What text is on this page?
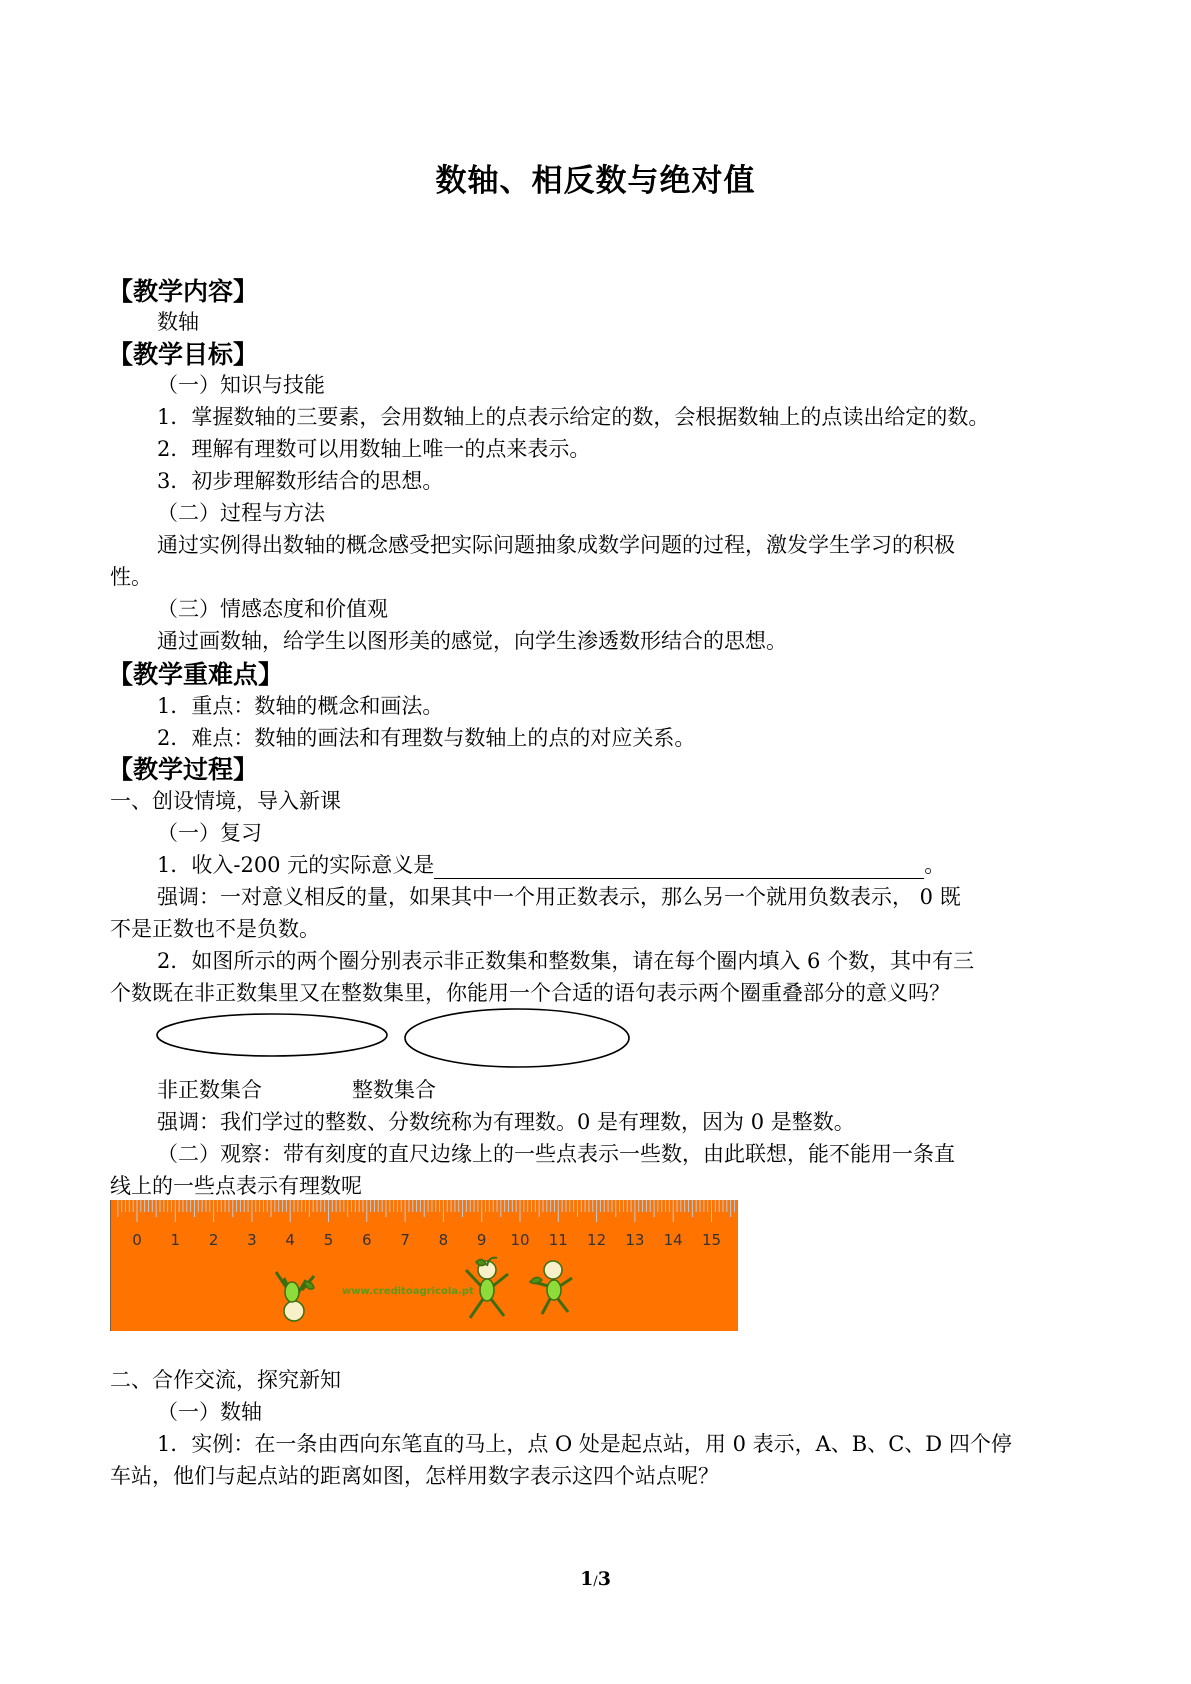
数轴、相反数与绝对值
【教学内容】
数轴
【教学目标】
（一）知识与技能
1．掌握数轴的三要素，会用数轴上的点表示给定的数，会根据数轴上的点读出给定的数。
2．理解有理数可以用数轴上唯一的点来表示。
3．初步理解数形结合的思想。
（二）过程与方法
通过实例得出数轴的概念感受把实际问题抽象成数学问题的过程，激发学生学习的积极
性。
（三）情感态度和价值观
通过画数轴，给学生以图形美的感觉，向学生渗透数形结合的思想。
【教学重难点】
1．重点：数轴的概念和画法。
2．难点：数轴的画法和有理数与数轴上的点的对应关系。
【教学过程】
一、创设情境，导入新课
（一）复习
1．收入-200 元的实际意义是	。
强调：一对意义相反的量，如果其中一个用正数表示，那么另一个就用负数表示， 0 既
不是正数也不是负数。
2．如图所示的两个圈分别表示非正数集和整数集，请在每个圈内填入 6 个数，其中有三
个数既在非正数集里又在整数集里，你能用一个合适的语句表示两个圈重叠部分的意义吗？
非正数集合	整数集合
强调：我们学过的整数、分数统称为有理数。0 是有理数，因为 0 是整数。
（二）观察：带有刻度的直尺边缘上的一些点表示一些数，由此联想，能不能用一条直
线上的一些点表示有理数呢
0 1 2 3 4 5 6 7 8 9 10 11 12 13 14 15
www.creditoagricola.pt
二、合作交流，探究新知
（一）数轴
1．实例：在一条由西向东笔直的马上，点 O 处是起点站，用 0 表示，A、B、C、D 四个停
车站，他们与起点站的距离如图，怎样用数字表示这四个站点呢？
1/3
